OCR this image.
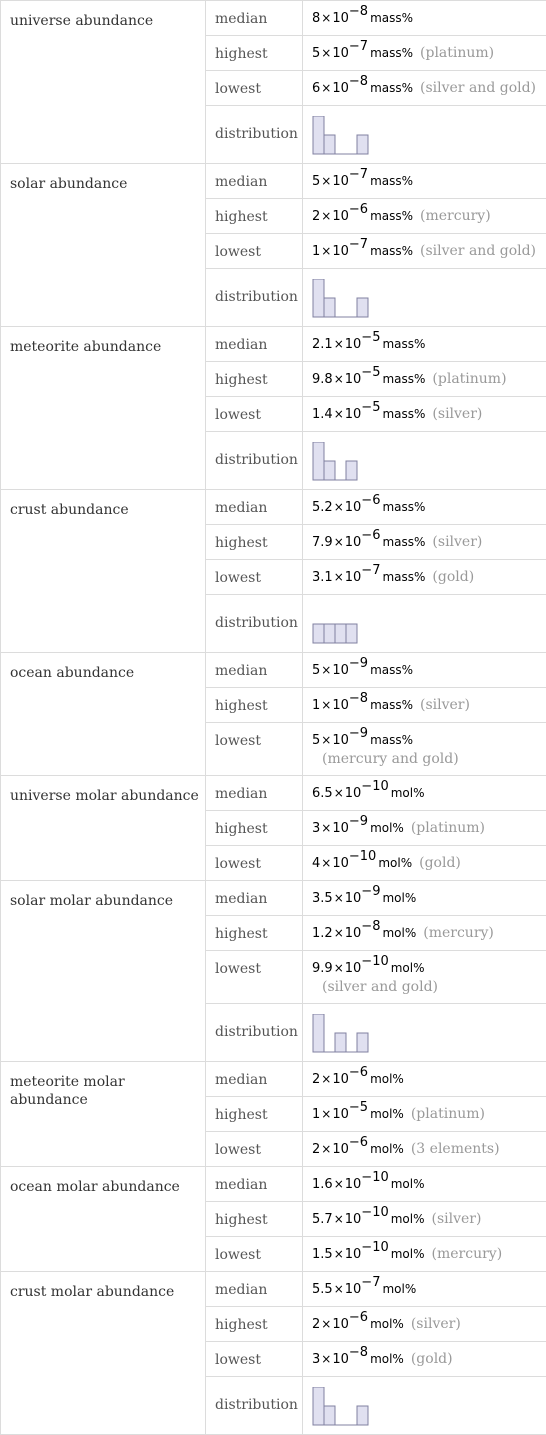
universe abundance	median	$8\times 10^{-8}$ mass%
	highest	$5\times 10^{-7}$ mass% (platinum)
	lowest	$6\times 10^{-8}$ mass% (silver and gold)
	distribution	

solar abundance	median	$5\times 10^{-7}$ mass%
	highest	$2\times 10^{-6}$ mass% (mercury)
	lowest	$1\times 10^{-7}$ mass% (silver and gold)
	distribution	

meteorite abundance	median	$2.1\times 10^{-5}$ mass%
	highest	$9.8\times 10^{-5}$ mass% (platinum)
	lowest	$1.4\times 10^{-5}$ mass% (silver)
	distribution	

crust abundance	median	$5.2\times 10^{-6}$ mass%
	highest	$7.9\times 10^{-6}$ mass% (silver)
	lowest	$3.1\times 10^{-7}$ mass% (gold)
	distribution	

ocean abundance	median	$5\times 10^{-9}$ mass%
	highest	$1\times 10^{-8}$ mass% (silver)
	lowest	$5\times 10^{-9}$ mass%
(mercury and gold)

universe molar abundance	median	$6.5\times 10^{-10}$ mol%
	highest	$3\times 10^{-9}$ mol% (platinum)
	lowest	$4\times 10^{-10}$ mol% (gold)
solar molar abundance	median	$3.5\times 10^{-9}$ mol%
	highest	$1.2\times 10^{-8}$ mol% (mercury)
	lowest	$9.9\times 10^{-10}$ mol%
(silver and gold)

	distribution	

meteorite molar abundance	median	$2\times 10^{-6}$ mol%
	highest	$1\times 10^{-5}$ mol% (platinum)
	lowest	$2\times 10^{-6}$ mol% (3 elements)
ocean molar abundance	median	$1.6\times 10^{-10}$ mol%
	highest	$5.7\times 10^{-10}$ mol% (silver)
	lowest	$1.5\times 10^{-10}$ mol% (mercury)
crust molar abundance	median	$5.5\times 10^{-7}$ mol%
	highest	$2\times 10^{-6}$ mol% (silver)
	lowest	$3\times 10^{-8}$ mol% (gold)
	distribution	
